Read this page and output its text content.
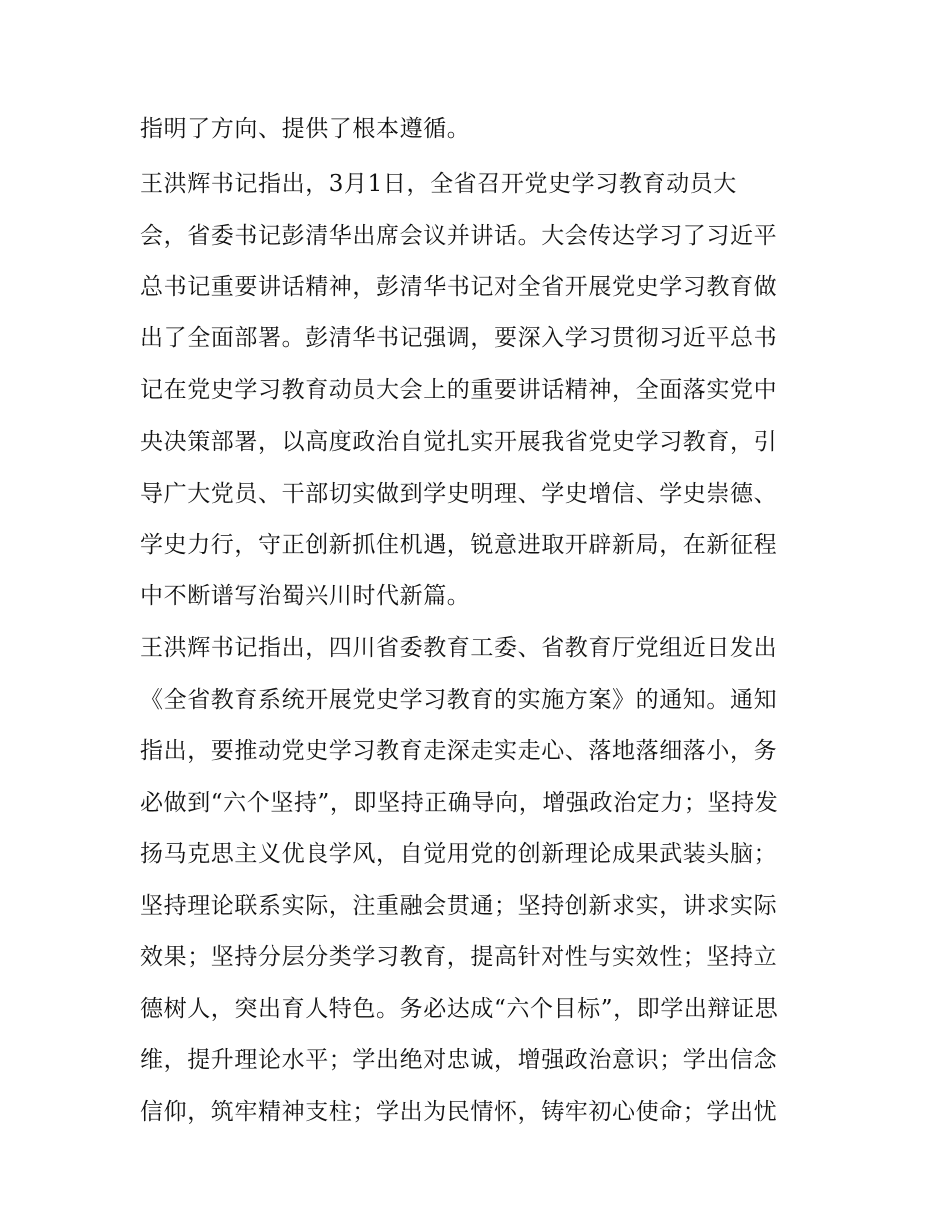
指明了方向、提供了根本遵循。
王洪辉书记指出，3月1日，全省召开党史学习教育动员大
会，省委书记彭清华出席会议并讲话。大会传达学习了习近平
总书记重要讲话精神，彭清华书记对全省开展党史学习教育做
出了全面部署。彭清华书记强调，要深入学习贯彻习近平总书
记在党史学习教育动员大会上的重要讲话精神，全面落实党中
央决策部署，以高度政治自觉扎实开展我省党史学习教育，引
导广大党员、干部切实做到学史明理、学史增信、学史崇德、
学史力行，守正创新抓住机遇，锐意进取开辟新局，在新征程
中不断谱写治蜀兴川时代新篇。
王洪辉书记指出，四川省委教育工委、省教育厅党组近日发出
《全省教育系统开展党史学习教育的实施方案》的通知。通知
指出，要推动党史学习教育走深走实走心、落地落细落小，务
必做到“六个坚持”，即坚持正确导向，增强政治定力；坚持发
扬马克思主义优良学风，自觉用党的创新理论成果武装头脑；
坚持理论联系实际，注重融会贯通；坚持创新求实，讲求实际
效果；坚持分层分类学习教育，提高针对性与实效性；坚持立
德树人，突出育人特色。务必达成“六个目标”，即学出辩证思
维，提升理论水平；学出绝对忠诚，增强政治意识；学出信念
信仰，筑牢精神支柱；学出为民情怀，铸牢初心使命；学出忧
